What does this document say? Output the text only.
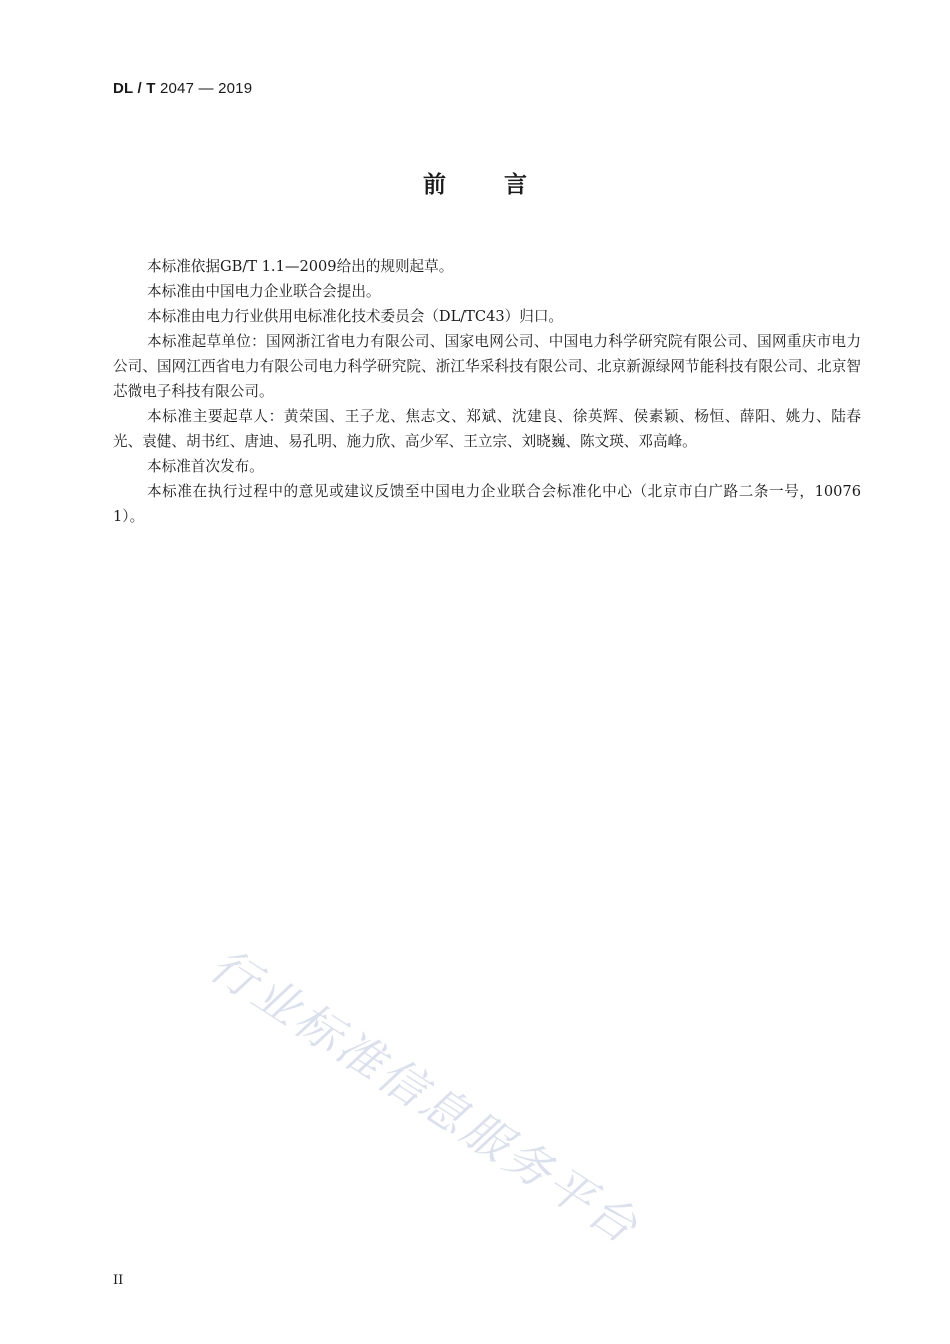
DL / T 2047 — 2019
前言

本标准依据GB/T 1.1—2009给出的规则起草。

本标准由中国电力企业联合会提出。

本标准由电力行业供用电标准化技术委员会（DL/TC43）归口。

本标准起草单位：国网浙江省电力有限公司、国家电网公司、中国电力科学研究院有限公司、国网重庆市电力公司、国网江西省电力有限公司电力科学研究院、浙江华采科技有限公司、北京新源绿网节能科技有限公司、北京智芯微电子科技有限公司。

本标准主要起草人：黄荣国、王子龙、焦志文、郑斌、沈建良、徐英辉、侯素颖、杨恒、薛阳、姚力、陆春光、袁健、胡书红、唐迪、易孔明、施力欣、高少军、王立宗、刘晓巍、陈文瑛、邓高峰。

本标准首次发布。

本标准在执行过程中的意见或建议反馈至中国电力企业联合会标准化中心（北京市白广路二条一号，100761）。

行业标准信息服务平台
II
